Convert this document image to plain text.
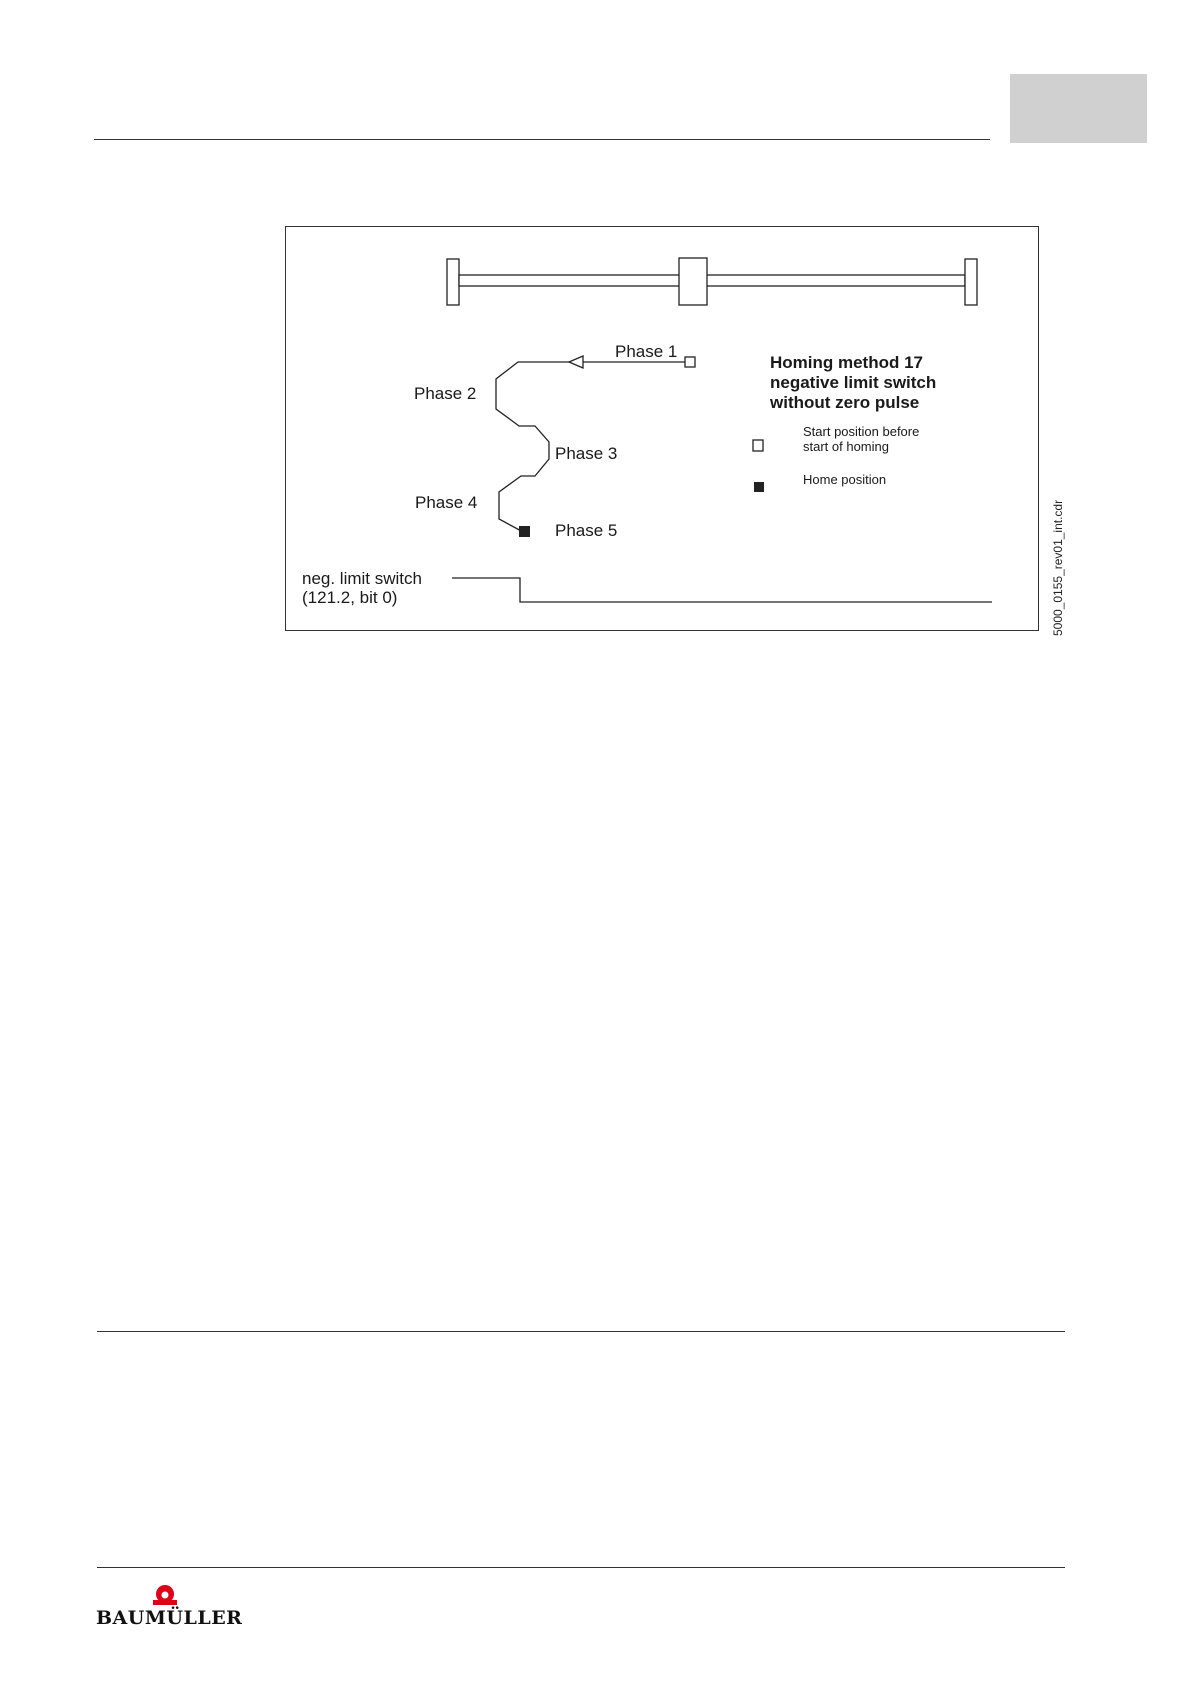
Phase 1
Phase 2
Phase 3
Phase 4
Phase 5
Homing method 17
negative limit switch
without zero pulse
Start position before
start of homing
Home position
neg. limit switch
(121.2, bit 0)	5000_0155_rev01_int.cdr
BAUMÜLLER
